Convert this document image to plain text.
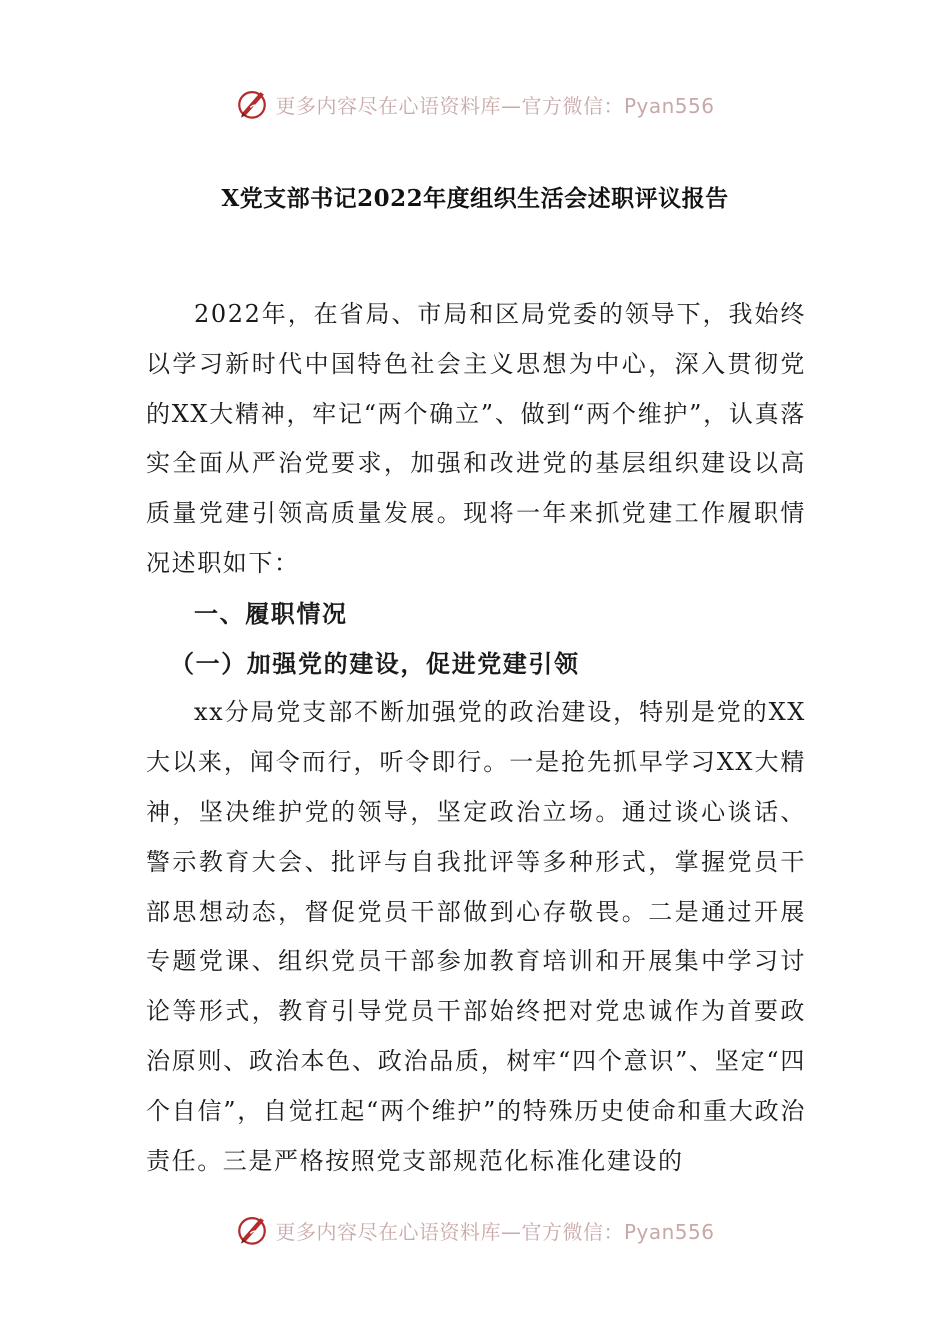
更多内容尽在心语资料库—官方微信：Pyan556
X党支部书记2022年度组织生活会述职评议报告

2022年，在省局、市局和区局党委的领导下，我始终以学习新时代中国特色社会主义思想为中心，深入贯彻党的XX大精神，牢记“两个确立”、做到“两个维护”，认真落实全面从严治党要求，加强和改进党的基层组织建设以高质量党建引领高质量发展。现将一年来抓党建工作履职情况述职如下：

一、履职情况
（一）加强党的建设，促进党建引领

xx分局党支部不断加强党的政治建设，特别是党的XX大以来，闻令而行，听令即行。一是抢先抓早学习XX大精神，坚决维护党的领导，坚定政治立场。通过谈心谈话、警示教育大会、批评与自我批评等多种形式，掌握党员干部思想动态，督促党员干部做到心存敬畏。二是通过开展专题党课、组织党员干部参加教育培训和开展集中学习讨论等形式，教育引导党员干部始终把对党忠诚作为首要政治原则、政治本色、政治品质，树牢“四个意识”、坚定“四个自信”，自觉扛起“两个维护”的特殊历史使命和重大政治责任。三是严格按照党支部规范化标准化建设的

更多内容尽在心语资料库—官方微信：Pyan556
